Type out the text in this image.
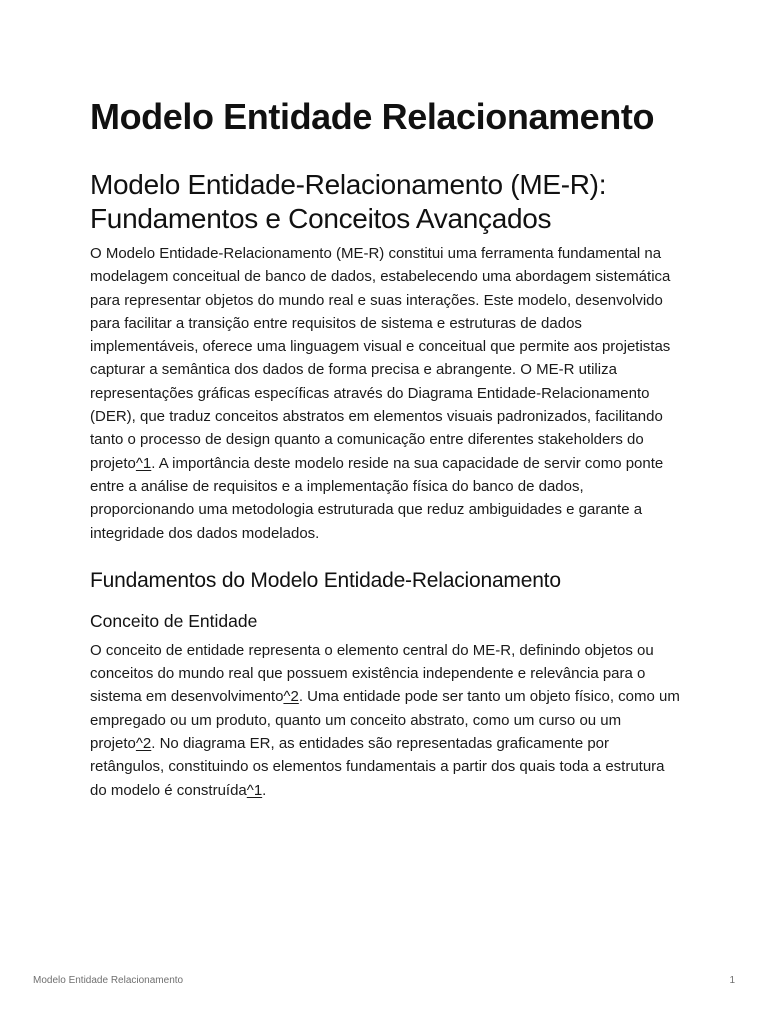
Modelo Entidade Relacionamento
Modelo Entidade-Relacionamento (ME-R): Fundamentos e Conceitos Avançados

O Modelo Entidade-Relacionamento (ME-R) constitui uma ferramenta fundamental na modelagem conceitual de banco de dados, estabelecendo uma abordagem sistemática para representar objetos do mundo real e suas interações. Este modelo, desenvolvido para facilitar a transição entre requisitos de sistema e estruturas de dados implementáveis, oferece uma linguagem visual e conceitual que permite aos projetistas capturar a semântica dos dados de forma precisa e abrangente. O ME-R utiliza representações gráficas específicas através do Diagrama Entidade-Relacionamento (DER), que traduz conceitos abstratos em elementos visuais padronizados, facilitando tanto o processo de design quanto a comunicação entre diferentes stakeholders do projeto^1. A importância deste modelo reside na sua capacidade de servir como ponte entre a análise de requisitos e a implementação física do banco de dados, proporcionando uma metodologia estruturada que reduz ambiguidades e garante a integridade dos dados modelados.

Fundamentos do Modelo Entidade-Relacionamento
Conceito de Entidade

O conceito de entidade representa o elemento central do ME-R, definindo objetos ou conceitos do mundo real que possuem existência independente e relevância para o sistema em desenvolvimento^2. Uma entidade pode ser tanto um objeto físico, como um empregado ou um produto, quanto um conceito abstrato, como um curso ou um projeto^2. No diagrama ER, as entidades são representadas graficamente por retângulos, constituindo os elementos fundamentais a partir dos quais toda a estrutura do modelo é construída^1.

Modelo Entidade Relacionamento	1
